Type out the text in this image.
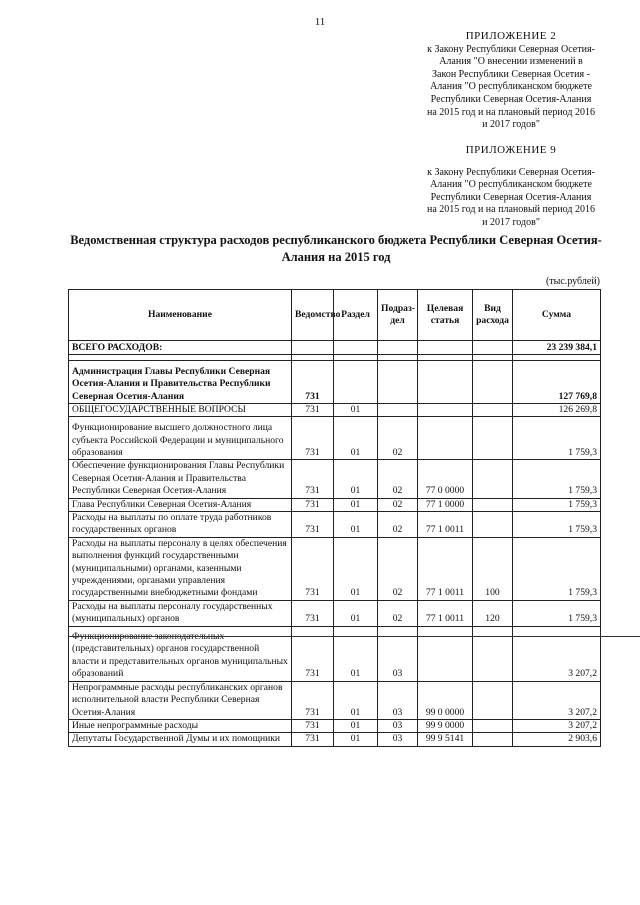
11
ПРИЛОЖЕНИЕ 2
к Закону Республики Северная Осетия-
Алания "О внесении изменений в
Закон Республики Северная Осетия -
Алания "О республиканском бюджете
Республики Северная Осетия-Алания
на 2015 год и на плановый период 2016
и 2017 годов"
ПРИЛОЖЕНИЕ 9
к Закону Республики Северная Осетия-
Алания "О республиканском бюджете
Республики Северная Осетия-Алания
на 2015 год и на плановый период 2016
и 2017 годов"
Ведомственная структура расходов республиканского бюджета Республики Северная Осетия-Алания на 2015 год
(тыс.рублей)
Наименование	Ведомство	Раздел	Подраз-дел	Целевая статья	Вид расхода	Сумма
ВСЕГО РАСХОДОВ:						23 239 384,1

Администрация Главы Республики Северная Осетия-Алания и Правительства Республики Северная Осетия-Алания	731					127 769,8
ОБЩЕГОСУДАРСТВЕННЫЕ ВОПРОСЫ	731	01				126 269,8
Функционирование высшего должностного лица субъекта Российской Федерации и муниципального образования	731	01	02			1 759,3
Обеспечение функционирования Главы Республики Северная Осетия-Алания и Правительства Республики Северная Осетия-Алания	731	01	02	77 0 0000		1 759,3
Глава Республики Северная Осетия-Алания	731	01	02	77 1 0000		1 759,3
Расходы на выплаты по оплате труда работников государственных органов	731	01	02	77 1 0011		1 759,3
Расходы на выплаты персоналу в целях обеспечения выполнения функций государственными (муниципальными) органами, казенными учреждениями, органами управления государственными внебюджетными фондами	731	01	02	77 1 0011	100	1 759,3
Расходы на выплаты персоналу государственных (муниципальных) органов	731	01	02	77 1 0011	120	1 759,3
Функционирование законодательных (представительных) органов государственной власти и представительных органов муниципальных образований	731	01	03			3 207,2
Непрограммные расходы республиканских органов исполнительной власти Республики Северная Осетия-Алания	731	01	03	99 0 0000		3 207,2
Иные непрограммные расходы	731	01	03	99 9 0000		3 207,2
Депутаты Государственной Думы и их помощники	731	01	03	99 9 5141		2 903,6
